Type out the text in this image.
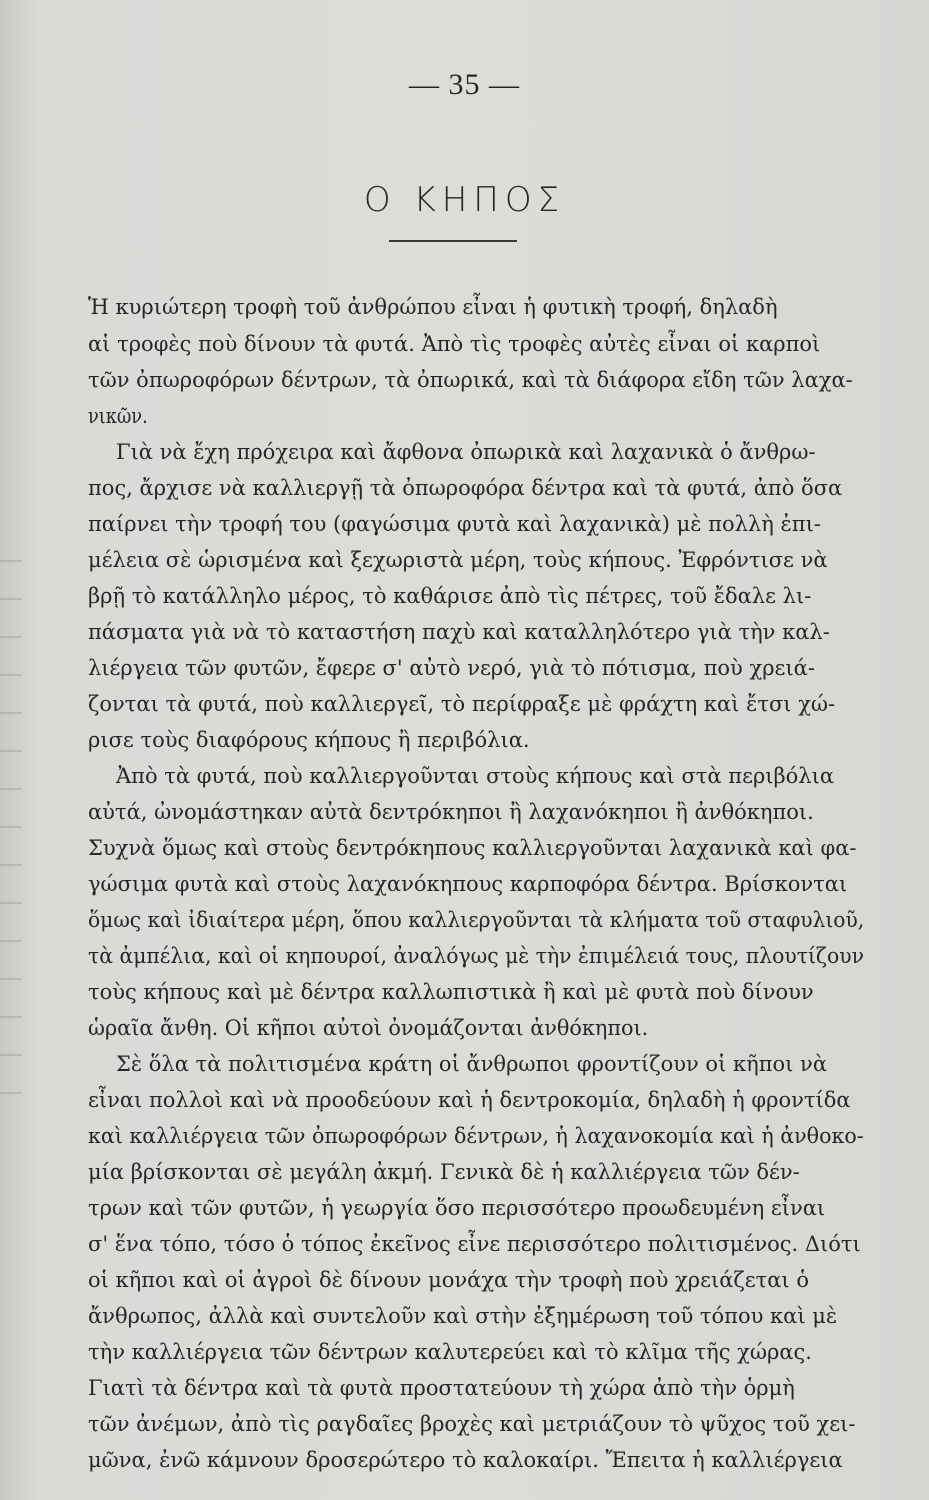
— 35 —
Ο ΚΗΠΟΣ
Ἡ κυριώτερη τροφὴ τοῦ ἀνθρώπου εἶναι ἡ φυτικὴ τροφή, δηλαδὴ
αἱ τροφὲς ποὺ δίνουν τὰ φυτά. Ἀπὸ τὶς τροφὲς αὐτὲς εἶναι οἱ καρποὶ
τῶν ὀπωροφόρων δέντρων, τὰ ὀπωρικά, καὶ τὰ διάφορα εἴδη τῶν λαχα-
νικῶν.
Γιὰ νὰ ἔχη πρόχειρα καὶ ἄφθονα ὀπωρικὰ καὶ λαχανικὰ ὁ ἄνθρω-
πος, ἄρχισε νὰ καλλιεργῇ τὰ ὀπωροφόρα δέντρα καὶ τὰ φυτά, ἀπὸ ὅσα
παίρνει τὴν τροφή του (φαγώσιμα φυτὰ καὶ λαχανικὰ) μὲ πολλὴ ἐπι-
μέλεια σὲ ὡρισμένα καὶ ξεχωριστὰ μέρη, τοὺς κήπους. Ἐφρόντισε νὰ
βρῇ τὸ κατάλληλο μέρος, τὸ καθάρισε ἀπὸ τὶς πέτρες, τοῦ ἔδαλε λι-
πάσματα γιὰ νὰ τὸ καταστήση παχὺ καὶ καταλληλότερο γιὰ τὴν καλ-
λιέργεια τῶν φυτῶν, ἔφερε σ' αὐτὸ νερό, γιὰ τὸ πότισμα, ποὺ χρειά-
ζονται τὰ φυτά, ποὺ καλλιεργεῖ, τὸ περίφραξε μὲ φράχτη καὶ ἔτσι χώ-
ρισε τοὺς διαφόρους κήπους ἢ περιβόλια.
Ἀπὸ τὰ φυτά, ποὺ καλλιεργοῦνται στοὺς κήπους καὶ στὰ περιβόλια
αὐτά, ὠνομάστηκαν αὐτὰ δεντρόκηποι ἢ λαχανόκηποι ἢ ἀνθόκηποι.
Συχνὰ ὅμως καὶ στοὺς δεντρόκηπους καλλιεργοῦνται λαχανικὰ καὶ φα-
γώσιμα φυτὰ καὶ στοὺς λαχανόκηπους καρποφόρα δέντρα. Βρίσκονται
ὅμως καὶ ἰδιαίτερα μέρη, ὅπου καλλιεργοῦνται τὰ κλήματα τοῦ σταφυλιοῦ,
τὰ ἀμπέλια, καὶ οἱ κηπουροί, ἀναλόγως μὲ τὴν ἐπιμέλειά τους, πλουτίζουν
τοὺς κήπους καὶ μὲ δέντρα καλλωπιστικὰ ἢ καὶ μὲ φυτὰ ποὺ δίνουν
ὡραῖα ἄνθη. Οἱ κῆποι αὐτοὶ ὀνομάζονται ἀνθόκηποι.
Σὲ ὅλα τὰ πολιτισμένα κράτη οἱ ἄνθρωποι φροντίζουν οἱ κῆποι νὰ
εἶναι πολλοὶ καὶ νὰ προοδεύουν καὶ ἡ δεντροκομία, δηλαδὴ ἡ φροντίδα
καὶ καλλιέργεια τῶν ὀπωροφόρων δέντρων, ἡ λαχανοκομία καὶ ἡ ἀνθοκο-
μία βρίσκονται σὲ μεγάλη ἀκμή. Γενικὰ δὲ ἡ καλλιέργεια τῶν δέν-
τρων καὶ τῶν φυτῶν, ἡ γεωργία ὅσο περισσότερο προωδευμένη εἶναι
σ' ἕνα τόπο, τόσο ὁ τόπος ἐκεῖνος εἶνε περισσότερο πολιτισμένος. Διότι
οἱ κῆποι καὶ οἱ ἀγροὶ δὲ δίνουν μονάχα τὴν τροφὴ ποὺ χρειάζεται ὁ
ἄνθρωπος, ἀλλὰ καὶ συντελοῦν καὶ στὴν ἐξημέρωση τοῦ τόπου καὶ μὲ
τὴν καλλιέργεια τῶν δέντρων καλυτερεύει καὶ τὸ κλῖμα τῆς χώρας.
Γιατὶ τὰ δέντρα καὶ τὰ φυτὰ προστατεύουν τὴ χώρα ἀπὸ τὴν ὁρμὴ
τῶν ἀνέμων, ἀπὸ τὶς ραγδαῖες βροχὲς καὶ μετριάζουν τὸ ψῦχος τοῦ χει-
μῶνα, ἐνῶ κάμνουν δροσερώτερο τὸ καλοκαίρι. Ἔπειτα ἡ καλλιέργεια
